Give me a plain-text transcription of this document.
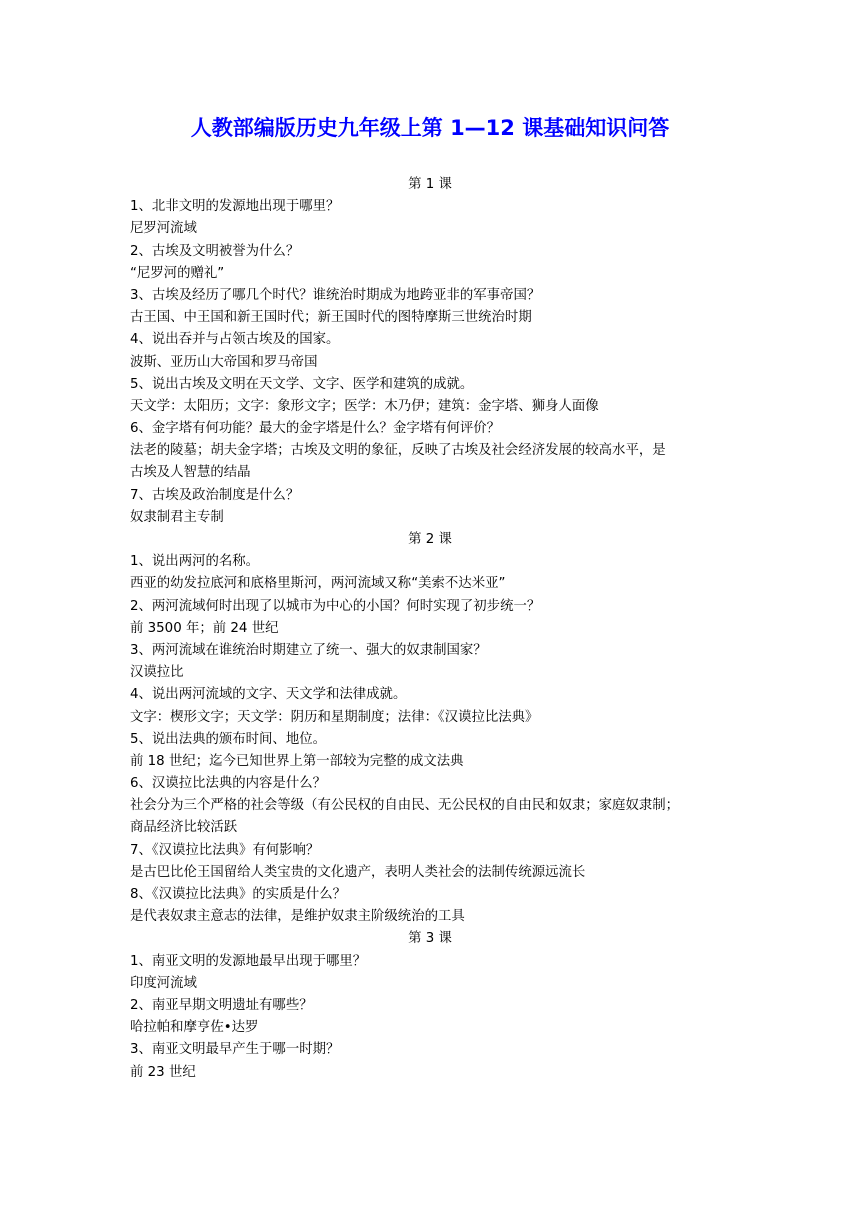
人教部编版历史九年级上第 1—12 课基础知识问答
第 1 课
1、北非文明的发源地出现于哪里？
尼罗河流域
2、古埃及文明被誉为什么？
“尼罗河的赠礼”
3、古埃及经历了哪几个时代？谁统治时期成为地跨亚非的军事帝国？
古王国、中王国和新王国时代；新王国时代的图特摩斯三世统治时期
4、说出吞并与占领古埃及的国家。
波斯、亚历山大帝国和罗马帝国
5、说出古埃及文明在天文学、文字、医学和建筑的成就。
天文学：太阳历；文字：象形文字；医学：木乃伊；建筑：金字塔、狮身人面像
6、金字塔有何功能？最大的金字塔是什么？金字塔有何评价？
法老的陵墓；胡夫金字塔；古埃及文明的象征，反映了古埃及社会经济发展的较高水平，是
古埃及人智慧的结晶
7、古埃及政治制度是什么？
奴隶制君主专制
第 2 课
1、说出两河的名称。
西亚的幼发拉底河和底格里斯河，两河流域又称“美索不达米亚”
2、两河流域何时出现了以城市为中心的小国？何时实现了初步统一？
前 3500 年；前 24 世纪
3、两河流域在谁统治时期建立了统一、强大的奴隶制国家？
汉谟拉比
4、说出两河流域的文字、天文学和法律成就。
文字：楔形文字；天文学：阴历和星期制度；法律：《汉谟拉比法典》
5、说出法典的颁布时间、地位。
前 18 世纪；迄今已知世界上第一部较为完整的成文法典
6、汉谟拉比法典的内容是什么？
社会分为三个严格的社会等级（有公民权的自由民、无公民权的自由民和奴隶；家庭奴隶制；
商品经济比较活跃
7、《汉谟拉比法典》有何影响？
是古巴比伦王国留给人类宝贵的文化遗产，表明人类社会的法制传统源远流长
8、《汉谟拉比法典》的实质是什么？
是代表奴隶主意志的法律，是维护奴隶主阶级统治的工具
第 3 课
1、南亚文明的发源地最早出现于哪里？
印度河流域
2、南亚早期文明遗址有哪些？
哈拉帕和摩亨佐•达罗
3、南亚文明最早产生于哪一时期？
前 23 世纪
